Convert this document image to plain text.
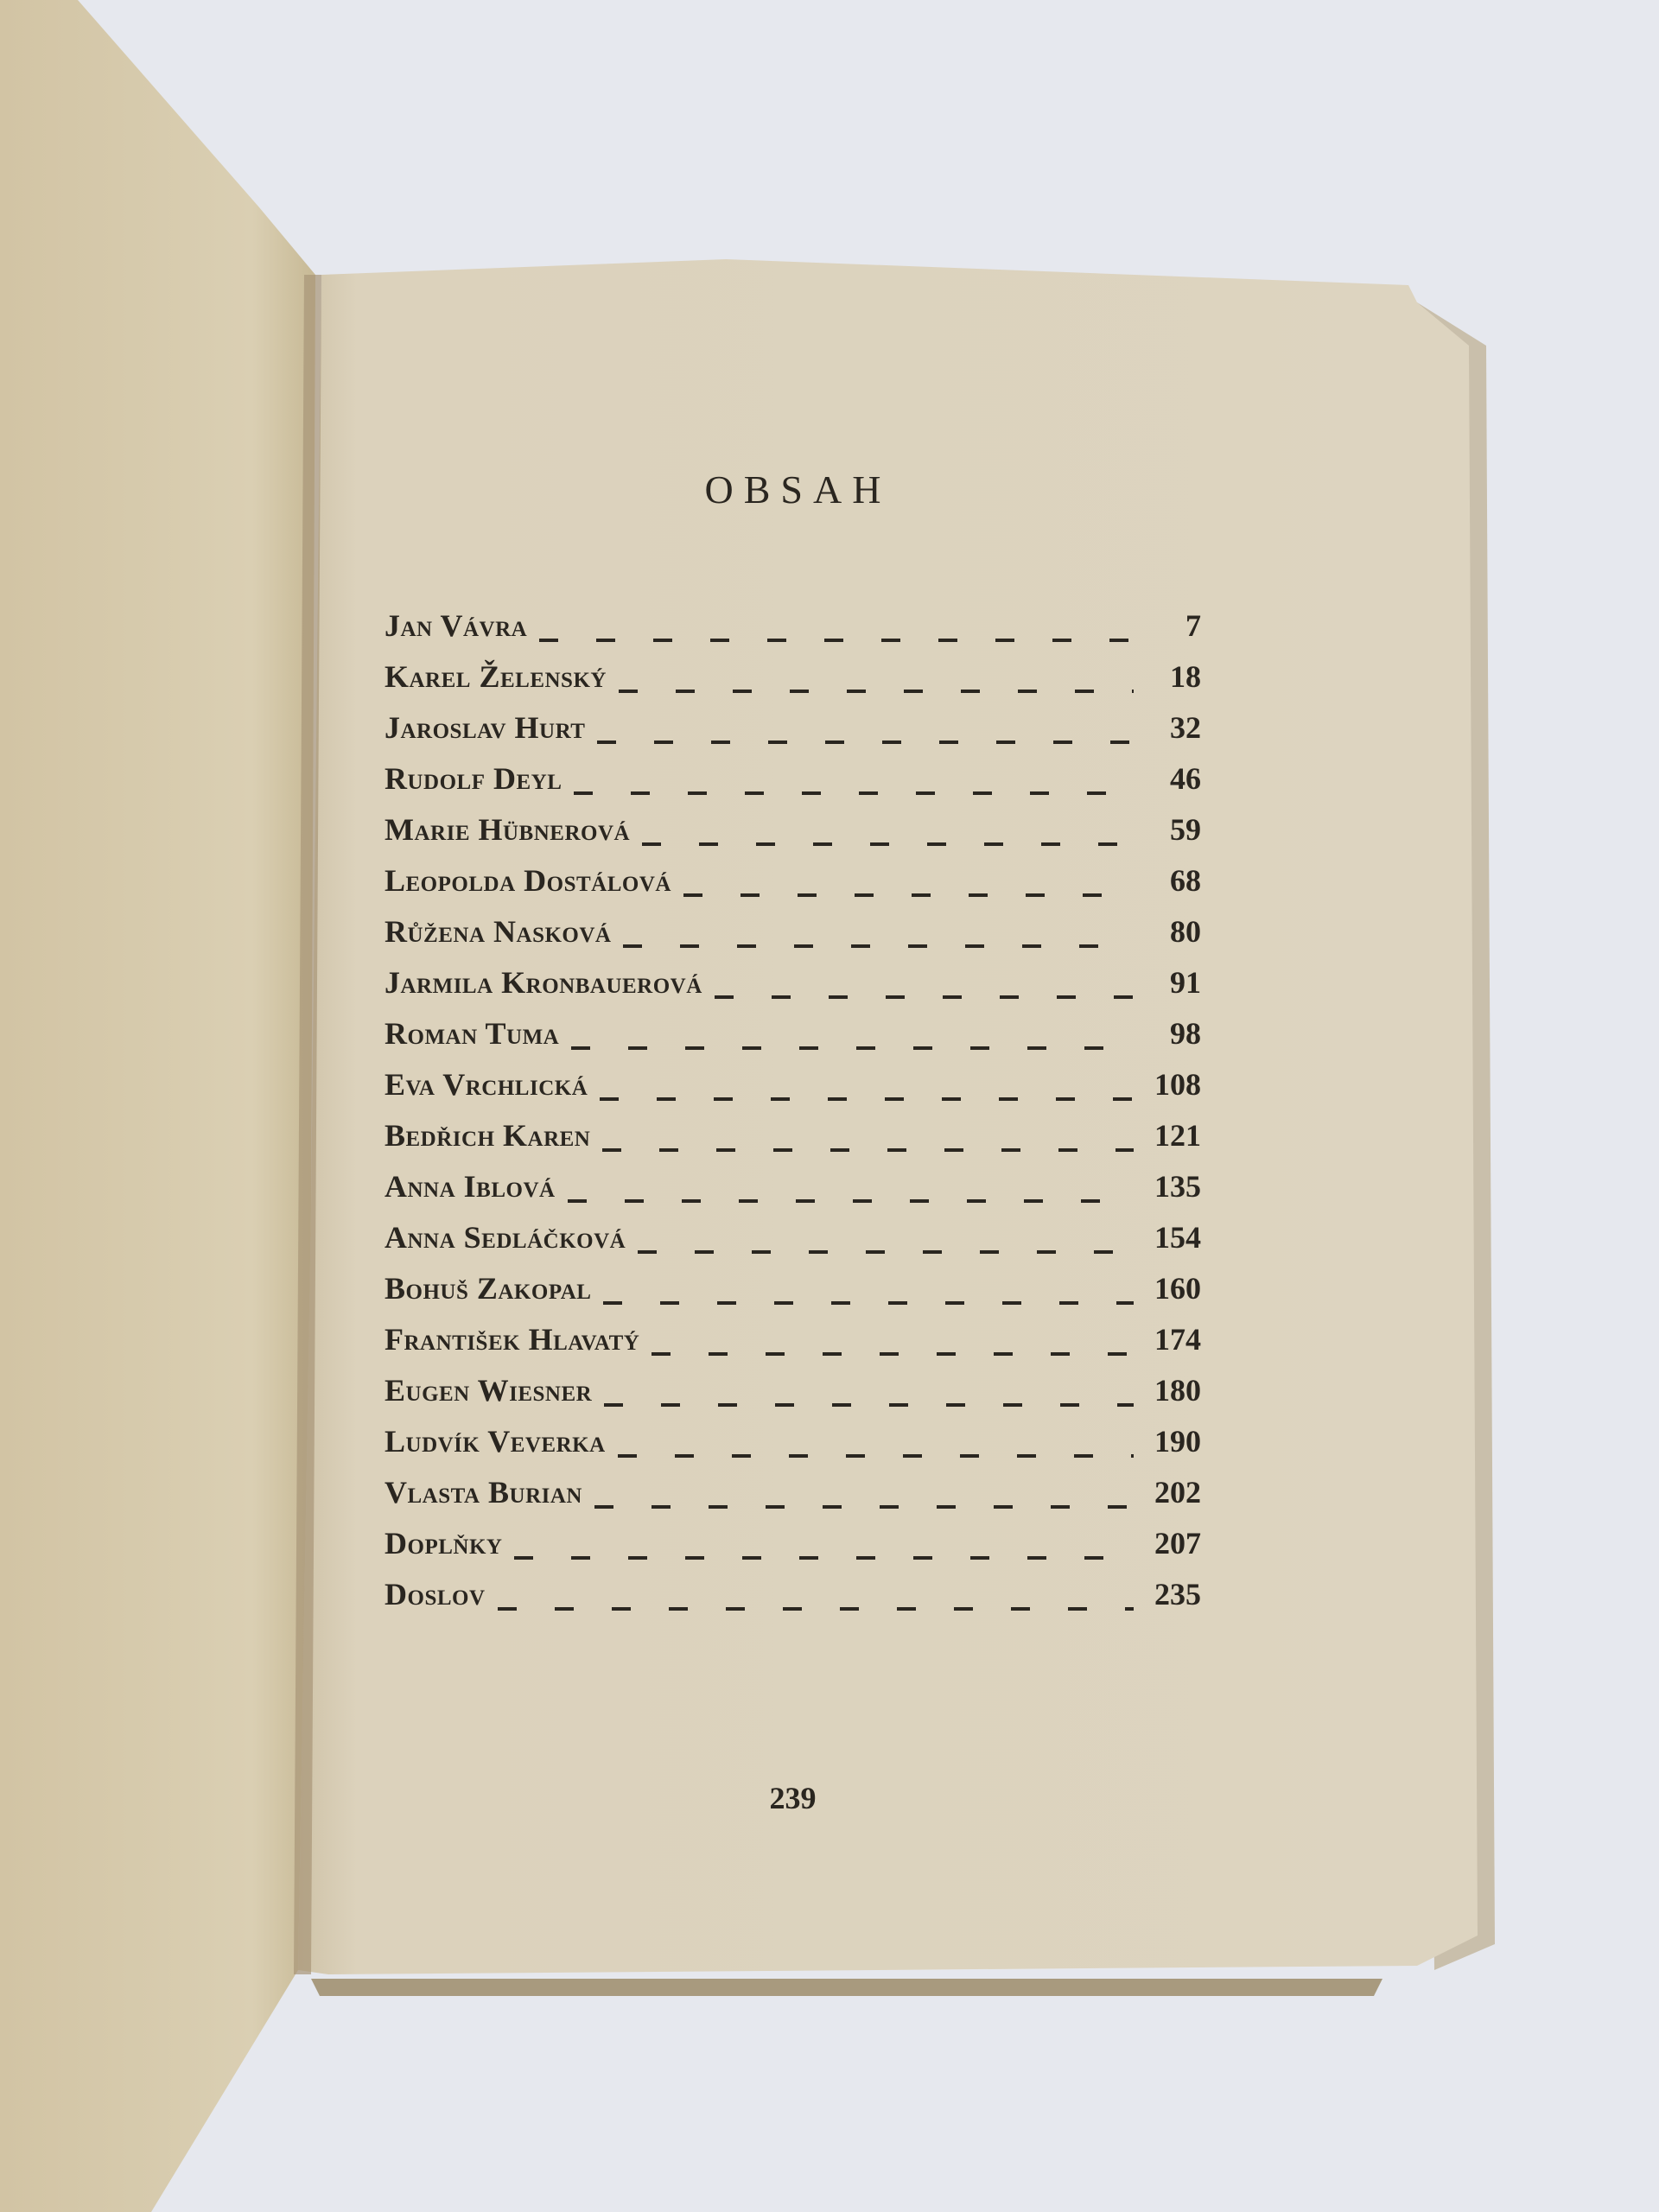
OBSAH
Jan Vávra	7
Karel Želenský	18
Jaroslav Hurt	32
Rudolf Deyl	46
Marie Hübnerová	59
Leopolda Dostálová	68
Růžena Nasková	80
Jarmila Kronbauerová	91
Roman Tuma	98
Eva Vrchlická	108
Bedřich Karen	121
Anna Iblová	135
Anna Sedláčková	154
Bohuš Zakopal	160
František Hlavatý	174
Eugen Wiesner	180
Ludvík Veverka	190
Vlasta Burian	202
Doplňky	207
Doslov	235
239
